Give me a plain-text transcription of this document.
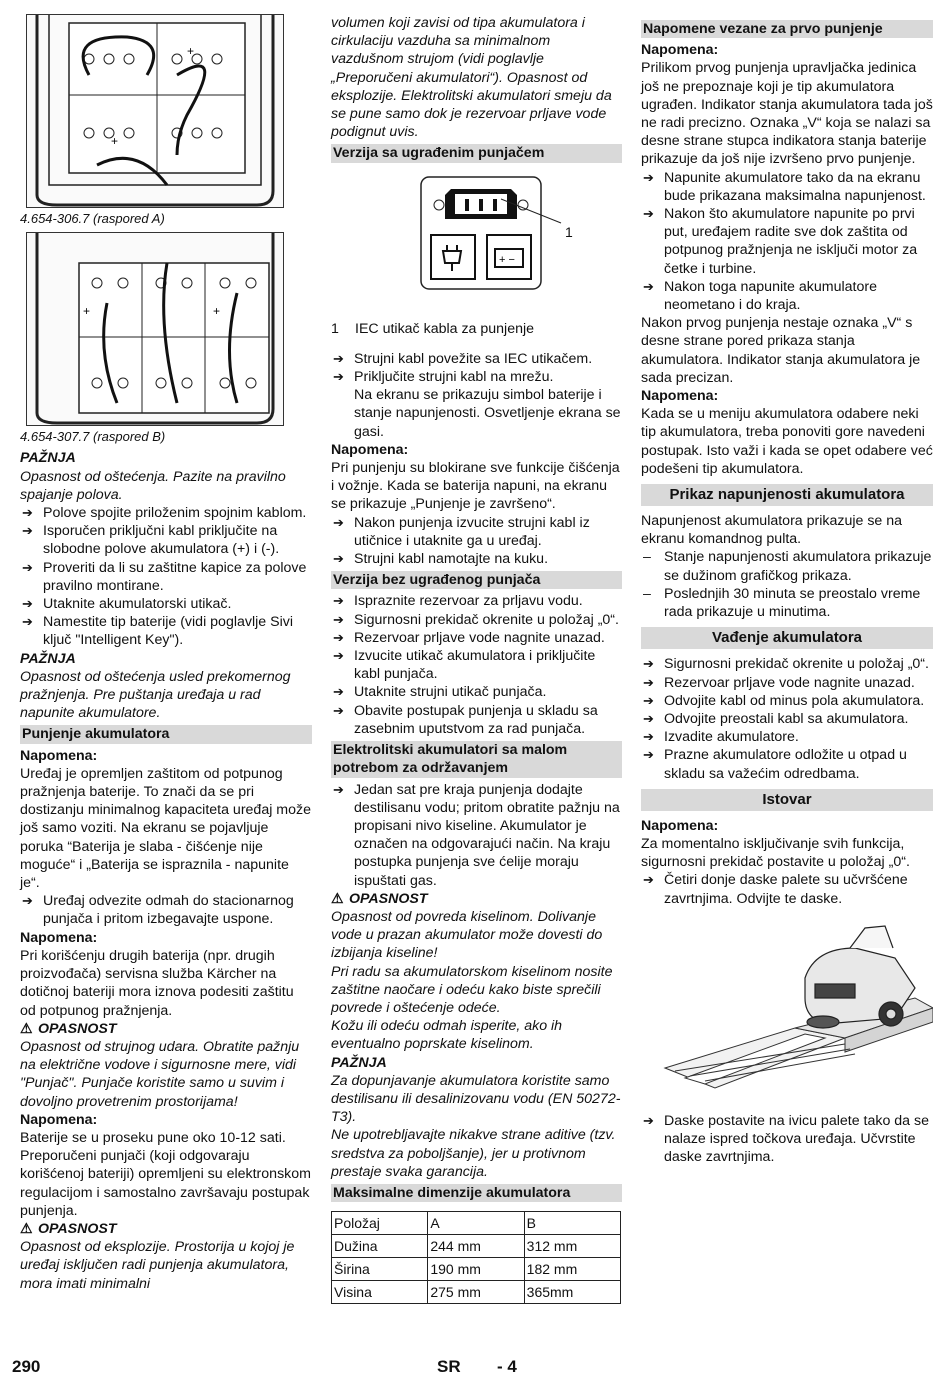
+
+
4.654-306.7 (raspored A)
+	+
4.654-307.7 (raspored B)
PAŽNJA
Opasnost od oštećenja. Pazite na pravilno spajanje polova.
➔ Polove spojite priloženim spojnim kablom.
➔ Isporučen priključni kabl priključite na slobodne polove akumulatora (+) i (-).
➔ Proveriti da li su zaštitne kapice za polove pravilno montirane.
➔ Utaknite akumulatorski utikač.
➔ Namestite tip baterije (vidi poglavlje Sivi ključ "Intelligent Key").
PAŽNJA
Opasnost od oštećenja usled prekomernog pražnjenja. Pre puštanja uređaja u rad napunite akumulatore.
Punjenje akumulatora
Napomena:
Uređaj je opremljen zaštitom od potpunog pražnjenja baterije. To znači da se pri dostizanju minimalnog kapaciteta uređaj može još samo voziti. Na ekranu se pojavljuje poruka “Baterija je slaba - čišćenje nije moguće“ i „Baterija se ispraznila - napunite je“.
➔ Uređaj odvezite odmah do stacionarnog punjača i pritom izbegavajte uspone.
Napomena:
Pri korišćenju drugih baterija (npr. drugih proizvođača) servisna služba Kärcher na dotičnoj bateriji mora iznova podesiti zaštitu od potpunog pražnjenja.
⚠ OPASNOST
Opasnost od strujnog udara. Obratite pažnju na električne vodove i sigurnosne mere, vidi "Punjač". Punjače koristite samo u suvim i dovoljno provetrenim prostorijama!
Napomena:
Baterije se u proseku pune oko 10-12 sati. Preporučeni punjači (koji odgovaraju korišćenoj bateriji) opremljeni su elektronskom regulacijom i samostalno završavaju postupak punjenja.
⚠ OPASNOST
Opasnost od eksplozije. Prostorija u kojoj je uređaj isključen radi punjenja akumulatora, mora imati minimalni
volumen koji zavisi od tipa akumulatora i cirkulaciju vazduha sa minimalnom vazdušnom strujom (vidi poglavlje „Preporučeni akumulatori“). Opasnost od eksplozije. Elektrolitski akumulatori smeju da se pune samo dok je rezervoar prljave vode podignut uvis.
Verzija sa ugrađenim punjačem
+ −
1
1 IEC utikač kabla za punjenje
➔ Strujni kabl povežite sa IEC utikačem.
➔ Priključite strujni kabl na mrežu.
Na ekranu se prikazuju simbol baterije i stanje napunjenosti. Osvetljenje ekrana se gasi.
Napomena:
Pri punjenju su blokirane sve funkcije čišćenja i vožnje. Kada se baterija napuni, na ekranu se prikazuje „Punjenje je završeno“.
➔ Nakon punjenja izvucite strujni kabl iz utičnice i utaknite ga u uređaj.
➔ Strujni kabl namotajte na kuku.
Verzija bez ugrađenog punjača
➔ Ispraznite rezervoar za prljavu vodu.
➔ Sigurnosni prekidač okrenite u položaj „0“.
➔ Rezervoar prljave vode nagnite unazad.
➔ Izvucite utikač akumulatora i priključite kabl punjača.
➔ Utaknite strujni utikač punjača.
➔ Obavite postupak punjenja u skladu sa zasebnim uputstvom za rad punjača.
Elektrolitski akumulatori sa malom potrebom za održavanjem
➔ Jedan sat pre kraja punjenja dodajte destilisanu vodu; pritom obratite pažnju na propisani nivo kiseline. Akumulator je označen na odgovarajući način. Na kraju postupka punjenja sve ćelije moraju ispuštati gas.
⚠ OPASNOST
Opasnost od povreda kiselinom. Dolivanje vode u prazan akumulator može dovesti do izbijanja kiseline!
Pri radu sa akumulatorskom kiselinom nosite zaštitne naočare i odeću kako biste sprečili povrede i oštećenje odeće.
Kožu ili odeću odmah isperite, ako ih eventualno poprskate kiselinom.
PAŽNJA
Za dopunjavanje akumulatora koristite samo destilisanu ili desalinizovanu vodu (EN 50272-T3).
Ne upotrebljavajte nikakve strane aditive (tzv. sredstva za poboljšanje), jer u protivnom prestaje svaka garancija.
Maksimalne dimenzije akumulatora
Položaj	A	B
Dužina	244 mm	312 mm
Širina	190 mm	182 mm
Visina	275 mm	365mm
Napomene vezane za prvo punjenje
Napomena:
Prilikom prvog punjenja upravljačka jedinica još ne prepoznaje koji je tip akumulatora ugrađen. Indikator stanja akumulatora tada još ne radi precizno. Oznaka „V“ koja se nalazi sa desne strane stupca indikatora stanja baterije prikazuje da još nije izvršeno prvo punjenje.
➔ Napunite akumulatore tako da na ekranu bude prikazana maksimalna napunjenost.
➔ Nakon što akumulatore napunite po prvi put, uređajem radite sve dok zaštita od potpunog pražnjenja ne isključi motor za četke i turbine.
➔ Nakon toga napunite akumulatore neometano i do kraja.
Nakon prvog punjenja nestaje oznaka „V“ s desne strane pored prikaza stanja akumulatora. Indikator stanja akumulatora je sada precizan.
Napomena:
Kada se u meniju akumulatora odabere neki tip akumulatora, treba ponoviti gore navedeni postupak. Isto važi i kada se opet odabere već podešeni tip akumulatora.
Prikaz napunjenosti akumulatora
Napunjenost akumulatora prikazuje se na ekranu komandnog pulta.
– Stanje napunjenosti akumulatora prikazuje se dužinom grafičkog prikaza.
– Poslednjih 30 minuta se preostalo vreme rada prikazuje u minutima.
Vađenje akumulatora
➔ Sigurnosni prekidač okrenite u položaj „0“.
➔ Rezervoar prljave vode nagnite unazad.
➔ Odvojite kabl od minus pola akumulatora.
➔ Odvojite preostali kabl sa akumulatora.
➔ Izvadite akumulatore.
➔ Prazne akumulatore odložite u otpad u skladu sa važećim odredbama.
Istovar
Napomena:
Za momentalno isključivanje svih funkcija, sigurnosni prekidač postavite u položaj „0“.
➔ Četiri donje daske palete su učvršćene zavrtnjima. Odvijte te daske.
➔ Daske postavite na ivicu palete tako da se nalaze ispred točkova uređaja. Učvrstite daske zavrtnjima.
290	SR - 4
